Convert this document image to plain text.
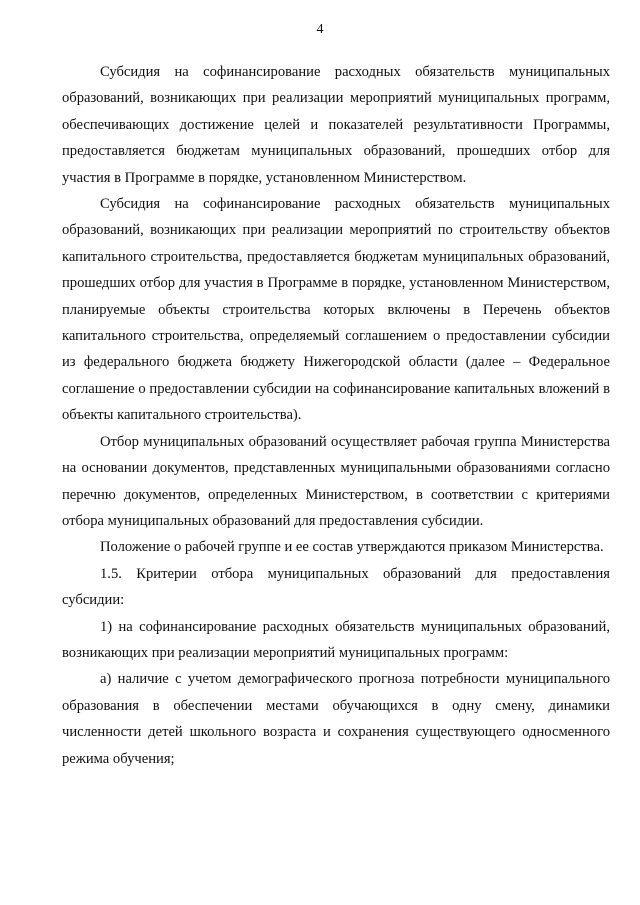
4

Субсидия на софинансирование расходных обязательств муниципальных образований, возникающих при реализации мероприятий муниципальных программ, обеспечивающих достижение целей и показателей результативности Программы, предоставляется бюджетам муниципальных образований, прошедших отбор для участия в Программе в порядке, установленном Министерством.

Субсидия на софинансирование расходных обязательств муниципальных образований, возникающих при реализации мероприятий по строительству объектов капитального строительства, предоставляется бюджетам муниципальных образований, прошедших отбор для участия в Программе в порядке, установленном Министерством, планируемые объекты строительства которых включены в Перечень объектов капитального строительства, определяемый соглашением о предоставлении субсидии из федерального бюджета бюджету Нижегородской области (далее – Федеральное соглашение о предоставлении субсидии на софинансирование капитальных вложений в объекты капитального строительства).

Отбор муниципальных образований осуществляет рабочая группа Министерства на основании документов, представленных муниципальными образованиями согласно перечню документов, определенных Министерством, в соответствии с критериями отбора муниципальных образований для предоставления субсидии.

Положение о рабочей группе и ее состав утверждаются приказом Министерства.

1.5. Критерии отбора муниципальных образований для предоставления субсидии:

1) на софинансирование расходных обязательств муниципальных образований, возникающих при реализации мероприятий муниципальных программ:

а) наличие с учетом демографического прогноза потребности муниципального образования в обеспечении местами обучающихся в одну смену, динамики численности детей школьного возраста и сохранения существующего односменного режима обучения;
